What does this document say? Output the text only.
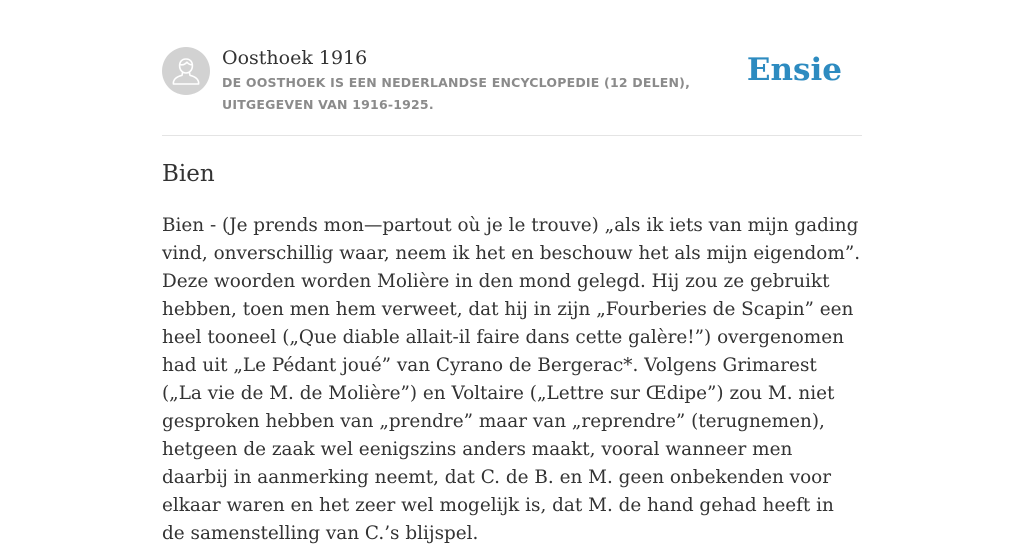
Oosthoek 1916
DE OOSTHOEK IS EEN NEDERLANDSE ENCYCLOPEDIE (12 DELEN), UITGEGEVEN VAN 1916-1925.
Ensie
Bien

Bien - (Je prends mon—partout où je le trouve) „als ik iets van mijn gading vind, onverschillig waar, neem ik het en beschouw het als mijn eigendom”. Deze woorden worden Molière in den mond gelegd. Hij zou ze gebruikt hebben, toen men hem verweet, dat hij in zijn „Fourberies de Scapin” een heel tooneel („Que diable allait-il faire dans cette galère!”) overgenomen had uit „Le Pédant joué” van Cyrano de Bergerac*. Volgens Grimarest („La vie de M. de Molière”) en Voltaire („Lettre sur Œdipe”) zou M. niet gesproken hebben van „prendre” maar van „reprendre” (terugnemen), hetgeen de zaak wel eenigszins anders maakt, vooral wanneer men daarbij in aanmerking neemt, dat C. de B. en M. geen onbekenden voor elkaar waren en het zeer wel mogelijk is, dat M. de hand gehad heeft in de samenstelling van C.’s blijspel.
